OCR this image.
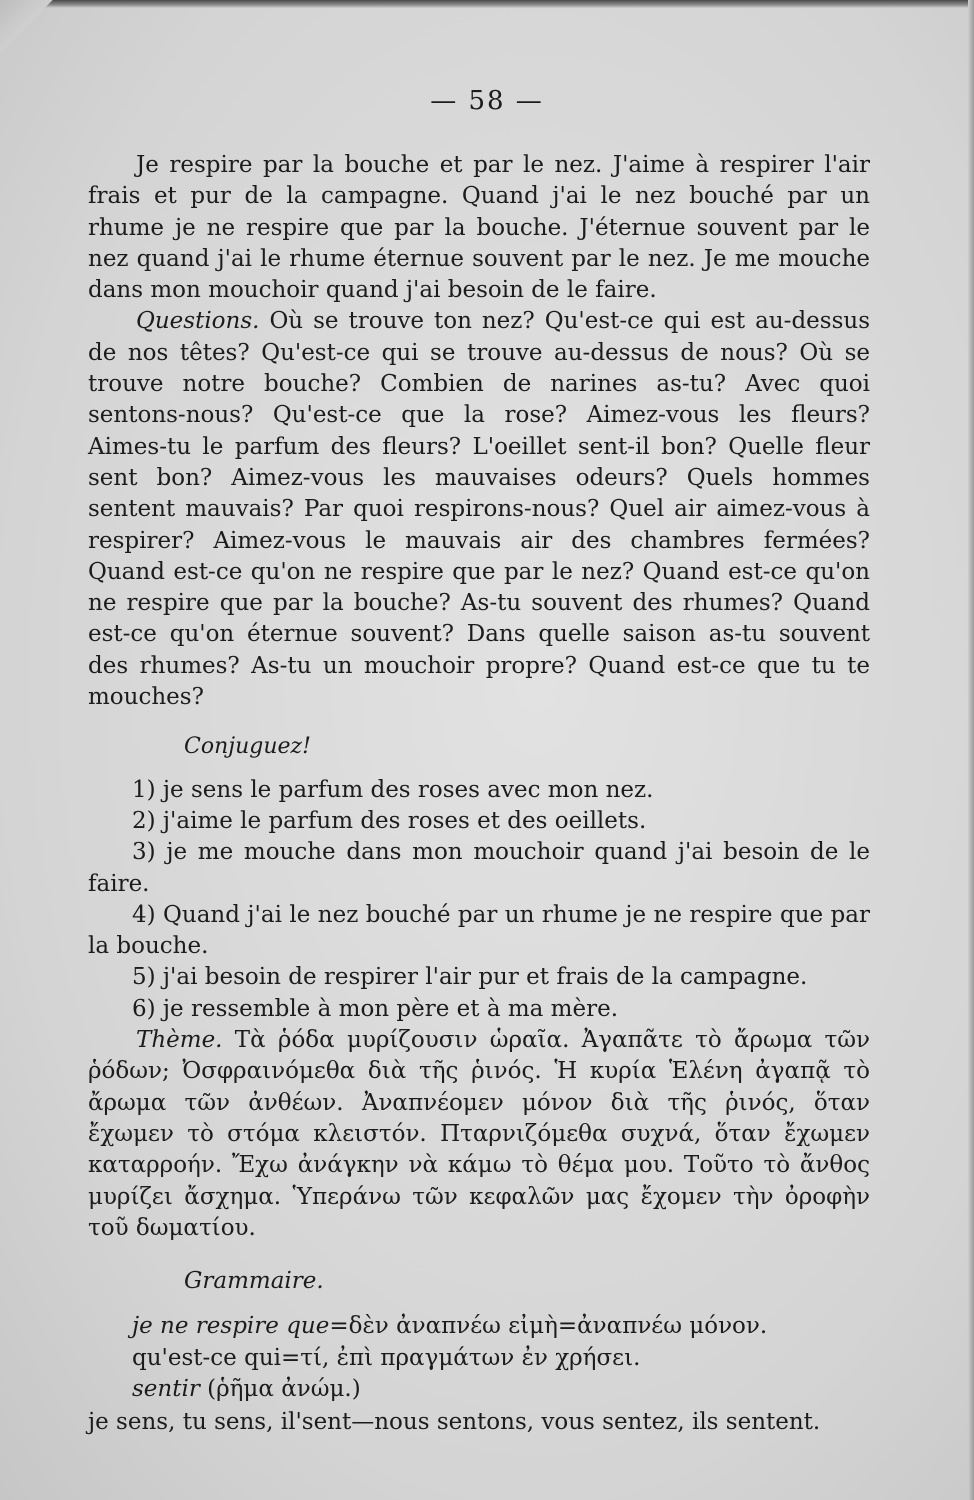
— 58 —

Je respire par la bouche et par le nez. J'aime à respirer l'air frais et pur de la campagne. Quand j'ai le nez bouché par un rhume je ne respire que par la bouche. J'éternue souvent par le nez quand j'ai le rhume éternue souvent par le nez. Je me mouche dans mon mouchoir quand j'ai besoin de le faire.

Questions. Où se trouve ton nez? Qu'est-ce qui est au-dessus de nos têtes? Qu'est-ce qui se trouve au-dessus de nous? Où se trouve notre bouche? Combien de narines as-tu? Avec quoi sentons-nous? Qu'est-ce que la rose? Aimez-vous les fleurs? Aimes-tu le parfum des fleurs? L'oeillet sent-il bon? Quelle fleur sent bon? Aimez-vous les mauvaises odeurs? Quels hommes sentent mauvais? Par quoi respirons-nous? Quel air aimez-vous à respirer? Aimez-vous le mauvais air des chambres fermées? Quand est-ce qu'on ne respire que par le nez? Quand est-ce qu'on ne respire que par la bouche? As-tu souvent des rhumes? Quand est-ce qu'on éternue souvent? Dans quelle saison as-tu souvent des rhumes? As-tu un mouchoir propre? Quand est-ce que tu te mouches?

Conjuguez!

1) je sens le parfum des roses avec mon nez.

2) j'aime le parfum des roses et des oeillets.

3) je me mouche dans mon mouchoir quand j'ai besoin de le faire.

4) Quand j'ai le nez bouché par un rhume je ne respire que par la bouche.

5) j'ai besoin de respirer l'air pur et frais de la campagne.

6) je ressemble à mon père et à ma mère.

Thème. Τὰ ῥόδα μυρίζουσιν ὡραῖα. Ἀγαπᾶτε τὸ ἄρωμα τῶν ῥόδων; Ὀσφραινόμεθα διὰ τῆς ῥινός. Ἡ κυρία Ἑλένη ἀγαπᾷ τὸ ἄρωμα τῶν ἀνθέων. Ἀναπνέομεν μόνον διὰ τῆς ῥινός, ὅταν ἔχωμεν τὸ στόμα κλειστόν. Πταρνιζόμεθα συχνά, ὅταν ἔχωμεν καταρροήν. Ἔχω ἀνάγκην νὰ κάμω τὸ θέμα μου. Τοῦτο τὸ ἄνθος μυρίζει ἄσχημα. Ὑπεράνω τῶν κεφαλῶν μας ἔχομεν τὴν ὀροφὴν τοῦ δωματίου.

Grammaire.
je ne respire que=δὲν ἀναπνέω εἰμὴ=ἀναπνέω μόνον.
qu'est-ce qui=τί, ἐπὶ πραγμάτων ἐν χρήσει.
sentir (ῥῆμα ἀνώμ.)
je sens, tu sens, il'sent—nous sentons, vous sentez, ils sentent.
